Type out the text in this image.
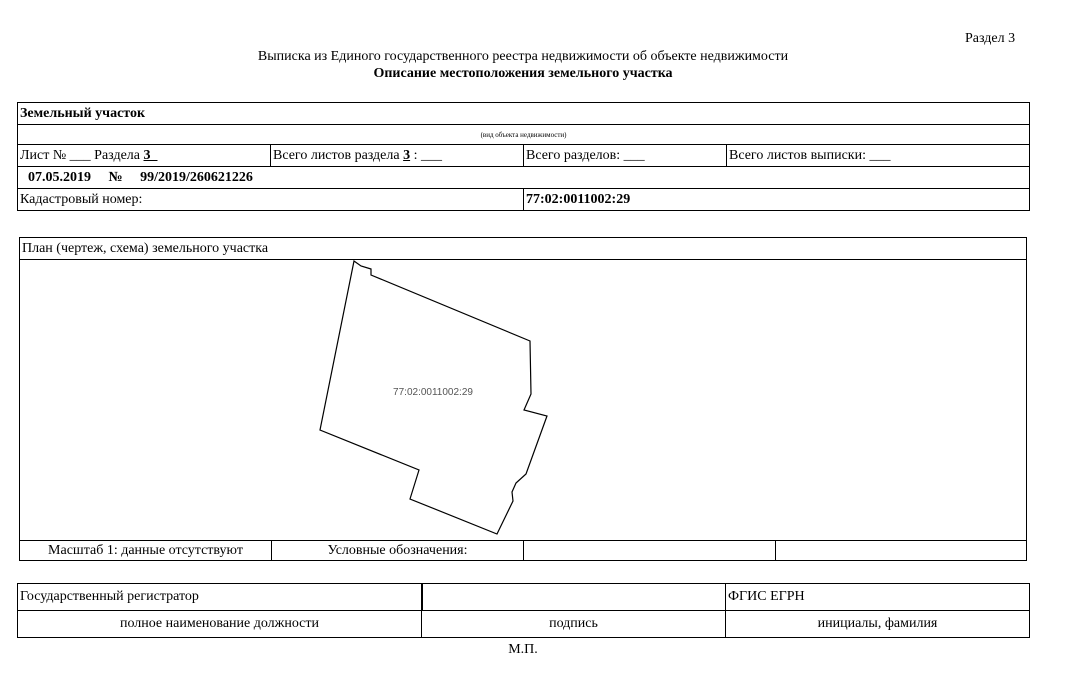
Раздел 3
Выписка из Единого государственного реестра недвижимости об объекте недвижимости
Описание местоположения земельного участка
Земельный участок			
(вид объекта недвижимости)			
Лист № ___ Раздела 3	Всего листов раздела 3 : ___	Всего разделов: ___	Всего листов выписки: ___
07.05.2019 № 99/2019/260621226			
Кадастровый номер:		77:02:0011002:29	
План (чертеж, схема) земельного участка
77:02:0011002:29
Масштаб 1: данные отсутствуют	Условные обозначения:
Государственный регистратор		ФГИС ЕГРН
полное наименование должности	подпись	инициалы, фамилия
М.П.
